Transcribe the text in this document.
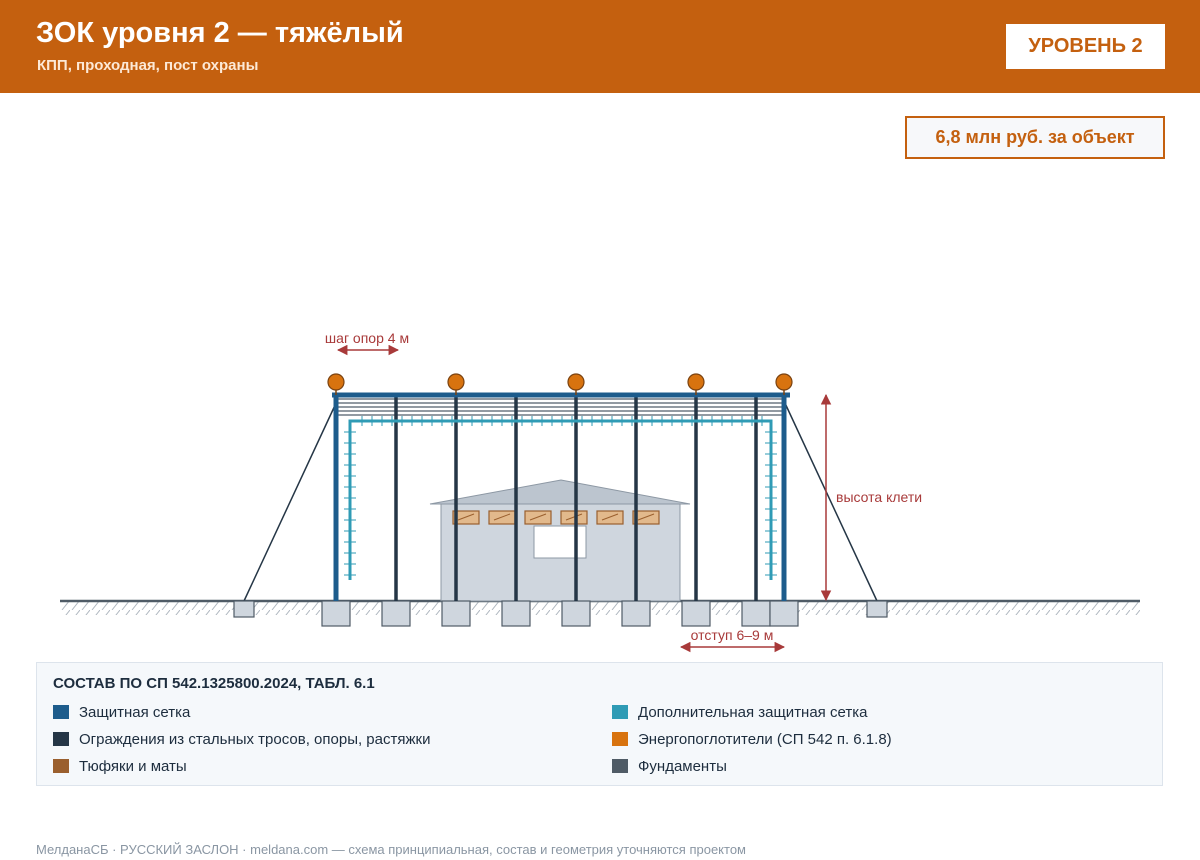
ЗОК уровня 2 — тяжёлый
КПП, проходная, пост охраны
УРОВЕНЬ 2
6,8 млн руб. за объект
шаг опор 4 м
высота клети
отступ 6–9 м
СОСТАВ ПО СП 542.1325800.2024, ТАБЛ. 6.1
Защитная сетка	Дополнительная защитная сетка
Ограждения из стальных тросов, опоры, растяжки	Энергопоглотители (СП 542 п. 6.1.8)
Тюфяки и маты	Фундаменты
МелданаСБ · РУССКИЙ ЗАСЛОН · meldana.com — схема принципиальная, состав и геометрия уточняются проектом
